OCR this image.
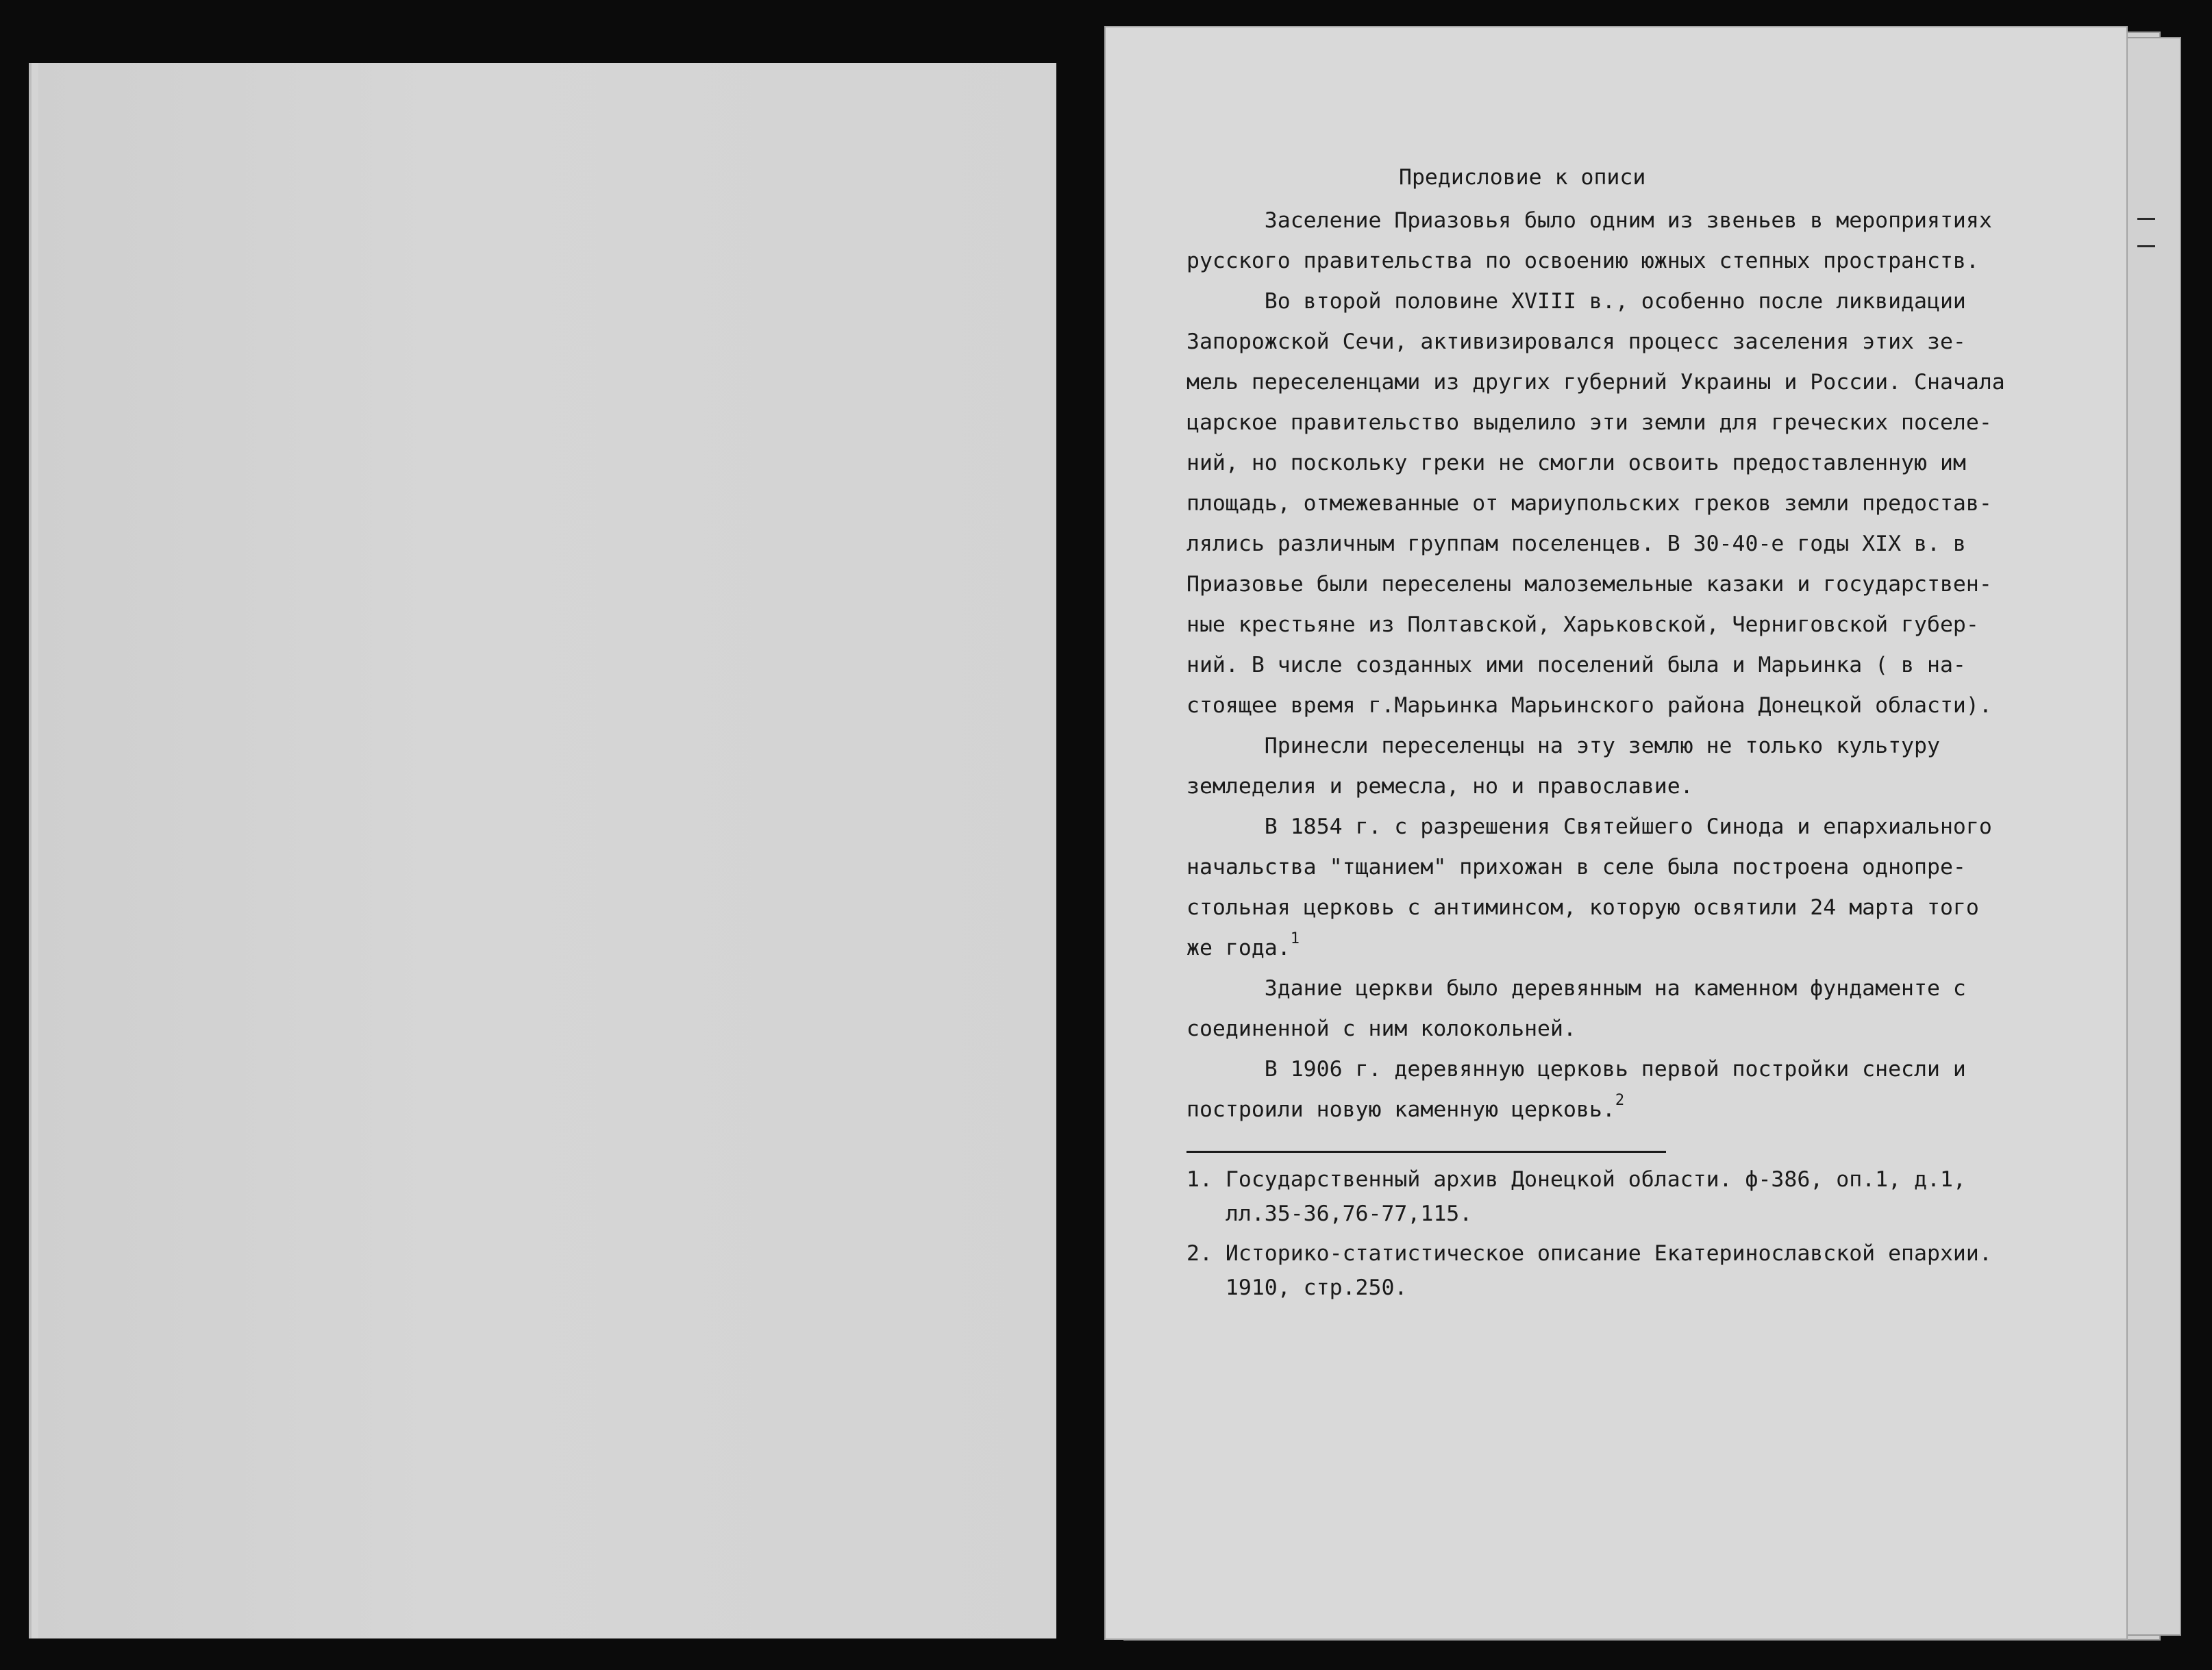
Предисловие к описи

Заселение Приазовья было одним из звеньев в мероприятиях

русского правительства по освоению южных степных пространств.

Во второй половине XVIII в., особенно после ликвидации

Запорожской Сечи, активизировался процесс заселения этих зе-

мель переселенцами из других губерний Украины и России. Сначала

царское правительство выделило эти земли для греческих поселе-

ний, но поскольку греки не смогли освоить предоставленную им

площадь, отмежеванные от мариупольских греков земли предостав-

лялись различным группам поселенцев. В 30-40-е годы XIX в. в

Приазовье были переселены малоземельные казаки и государствен-

ные крестьяне из Полтавской, Харьковской, Черниговской губер-

ний. В числе созданных ими поселений была и Марьинка ( в на-

стоящее время г.Марьинка Марьинского района Донецкой области).

Принесли переселенцы на эту землю не только культуру

земледелия и ремесла, но и православие.

В 1854 г. с разрешения Святейшего Синода и епархиального

начальства "тщанием" прихожан в селе была построена однопре-

стольная церковь с антиминсом, которую освятили 24 марта того

же года.$^1$

Здание церкви было деревянным на каменном фундаменте с

соединенной с ним колокольней.

В 1906 г. деревянную церковь первой постройки снесли и

построили новую каменную церковь.$^2$

1. Государственный архив Донецкой области. ф-386, оп.1, д.1,
лл.35-36,76-77,115.

2. Историко-статистическое описание Екатеринославской епархии.
1910, стр.250.
